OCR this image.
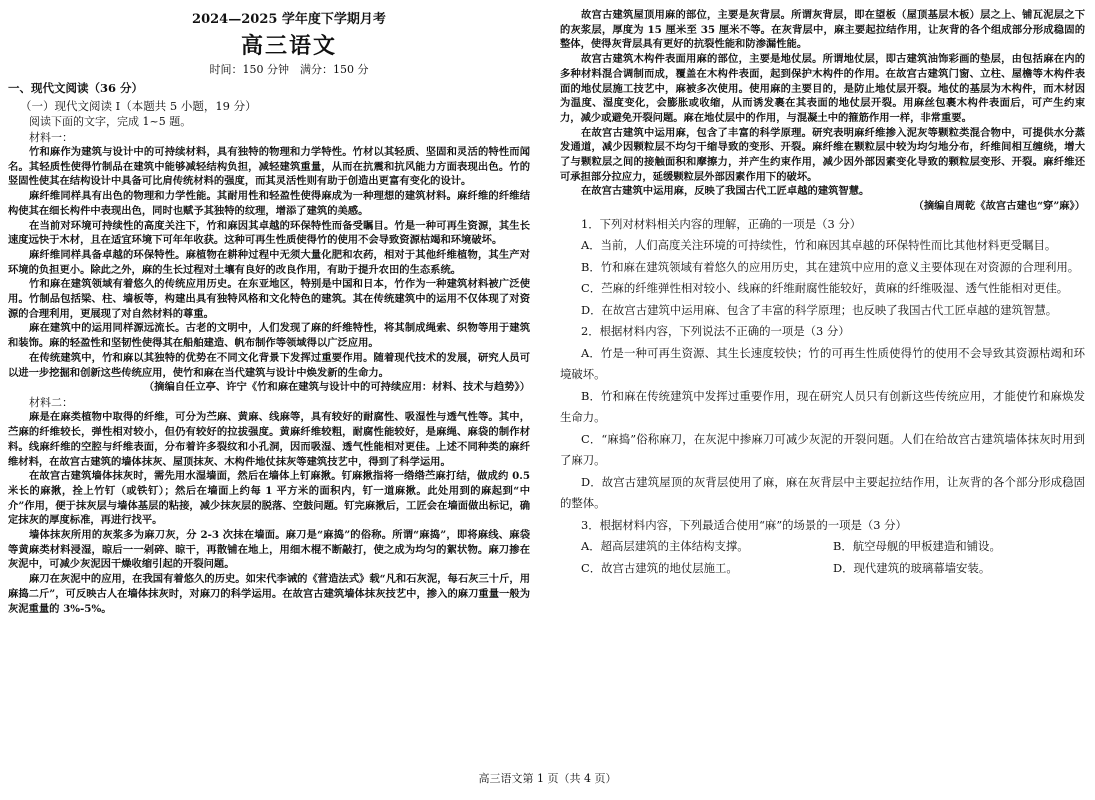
2024—2025 学年度下学期月考
高三语文
时间：150 分钟　满分：150 分
一、现代文阅读（36 分）
（一）现代文阅读 I（本题共 5 小题，19 分）

阅读下面的文字，完成 1~5 题。

材料一：

竹和麻作为建筑与设计中的可持续材料，具有独特的物理和力学特性。竹材以其轻质、坚固和灵活的特性而闻名。其轻质性使得竹制品在建筑中能够减轻结构负担，减轻建筑重量，从而在抗震和抗风能力方面表现出色。竹的竖固性使其在结构设计中具备可比肩传统材料的强度，而其灵活性则有助于创造出更富有变化的设计。

麻纤维同样具有出色的物理和力学性能。其耐用性和轻盈性使得麻成为一种理想的建筑材料。麻纤维的纤维结构使其在细长构件中表现出色，同时也赋予其独特的纹理，增添了建筑的美感。

在当前对环境可持续性的高度关注下，竹和麻因其卓越的环保特性而备受瞩目。竹是一种可再生资源，其生长速度远快于木材，且在适宜环境下可年年收获。这种可再生性质使得竹的使用不会导致资源枯竭和环境破坏。

麻纤维同样具备卓越的环保特性。麻植物在耕种过程中无须大量化肥和农药，相对于其他纤维植物，其生产对环境的负担更小。除此之外，麻的生长过程对土壤有良好的改良作用，有助于提升农田的生态系统。

竹和麻在建筑领域有着悠久的传统应用历史。在东亚地区，特别是中国和日本，竹作为一种建筑材料被广泛使用。竹制品包括梁、柱、墙板等，构建出具有独特风格和文化特色的建筑。其在传统建筑中的运用不仅体现了对资源的合理利用，更展现了对自然材料的尊重。

麻在建筑中的运用同样源远流长。古老的文明中，人们发现了麻的纤维特性，将其制成绳索、织物等用于建筑和装饰。麻的轻盈性和坚韧性使得其在船舶建造、帆布制作等领域得以广泛应用。

在传统建筑中，竹和麻以其独特的优势在不同文化背景下发挥过重要作用。随着现代技术的发展，研究人员可以进一步挖掘和创新这些传统应用，使竹和麻在当代建筑与设计中焕发新的生命力。

（摘编自任立亭、许宁《竹和麻在建筑与设计中的可持续应用：材料、技术与趋势》）

材料二：

麻是在麻类植物中取得的纤维，可分为苎麻、黄麻、线麻等，具有较好的耐腐性、吸湿性与透气性等。其中，苎麻的纤维较长，弹性相对较小，但仍有较好的拉拔强度。黄麻纤维较粗，耐腐性能较好，是麻绳、麻袋的制作材料。线麻纤维的空腔与纤维表面，分布着许多裂纹和小孔洞，因而吸湿、透气性能相对更佳。上述不同种类的麻纤维材料，在故宫古建筑的墙体抹灰、屋顶抹灰、木构件地仗抹灰等建筑技艺中，得到了科学运用。

在故宫古建筑墙体抹灰时，需先用水湿墙面，然后在墙体上钉麻揪。钉麻揪指将一绺绺苎麻打结，做成约 0.5 米长的麻揪，拴上竹钉（或铁钉）；然后在墙面上约每 1 平方米的面积内，钉一道麻揪。此处用到的麻起到“中介”作用，便于抹灰层与墙体基层的粘接，减少抹灰层的脱落、空鼓问题。钉完麻揪后，工匠会在墙面做出标记，确定抹灰的厚度标准，再进行找平。

墙体抹灰所用的灰浆多为麻刀灰，分 2-3 次抹在墙面。麻刀是“麻捣”的俗称。所谓“麻捣”，即将麻线、麻袋等黄麻类材料浸湿，晾后一一剁碎、晾干，再散铺在地上，用细木棍不断敲打，使之成为均匀的絮状物。麻刀掺在灰泥中，可减少灰泥因干燥收缩引起的开裂问题。

麻刀在灰泥中的应用，在我国有着悠久的历史。如宋代李诫的《营造法式》载“凡和石灰泥，每石灰三十斤，用麻捣二斤”，可反映古人在墙体抹灰时，对麻刀的科学运用。在故宫古建筑墙体抹灰技艺中，掺入的麻刀重量一般为灰泥重量的 3%-5%。

故宫古建筑屋顶用麻的部位，主要是灰背层。所谓灰背层，即在望板（屋顶基层木板）层之上、铺瓦泥层之下的灰浆层，厚度为 15 厘米至 35 厘米不等。在灰背层中，麻主要起拉结作用，让灰背的各个组成部分形成稳固的整体，使得灰背层具有更好的抗裂性能和防渗漏性能。

故宫古建筑木构件表面用麻的部位，主要是地仗层。所谓地仗层，即古建筑油饰彩画的垫层，由包括麻在内的多种材料混合调制而成，覆盖在木构件表面，起到保护木构件的作用。在故宫古建筑门窗、立柱、屋檐等木构件表面的地仗层施工技艺中，麻被多次使用。使用麻的主要目的，是防止地仗层开裂。地仗的基层为木构件，而木材因为温度、湿度变化，会膨胀或收缩，从而诱发裹在其表面的地仗层开裂。用麻丝包裹木构件表面后，可产生约束力，减少或避免开裂问题。麻在地仗层中的作用，与混凝土中的箍筋作用一样，非常重要。

在故宫古建筑中运用麻，包含了丰富的科学原理。研究表明麻纤维掺入泥灰等颗粒类混合物中，可提供水分蒸发通道，减少因颗粒层不均匀干缩导致的变形、开裂。麻纤维在颗粒层中较为均匀地分布，纤维间相互缠绕，增大了与颗粒层之间的接触面积和摩擦力，并产生约束作用，减少因外部因素变化导致的颗粒层变形、开裂。麻纤维还可承担部分拉应力，延缓颗粒层外部因素作用下的破坏。

在故宫古建筑中运用麻，反映了我国古代工匠卓越的建筑智慧。

（摘编自周乾《故宫古建也“穿”麻》）

1．下列对材料相关内容的理解，正确的一项是（3 分）

A．当前，人们高度关注环境的可持续性，竹和麻因其卓越的环保特性而比其他材料更受瞩目。

B．竹和麻在建筑领域有着悠久的应用历史，其在建筑中应用的意义主要体现在对资源的合理利用。

C．苎麻的纤维弹性相对较小、线麻的纤维耐腐性能较好，黄麻的纤维吸湿、透气性能相对更佳。

D．在故宫古建筑中运用麻、包含了丰富的科学原理；也反映了我国古代工匠卓越的建筑智慧。

2．根据材料内容，下列说法不正确的一项是（3 分）

A．竹是一种可再生资源、其生长速度较快；竹的可再生性质使得竹的使用不会导致其资源枯竭和环境破坏。

B．竹和麻在传统建筑中发挥过重要作用，现在研究人员只有创新这些传统应用，才能使竹和麻焕发生命力。

C．“麻捣”俗称麻刀，在灰泥中掺麻刀可减少灰泥的开裂问题。人们在给故宫古建筑墙体抹灰时用到了麻刀。

D．故宫古建筑屋顶的灰背层使用了麻，麻在灰背层中主要起拉结作用，让灰背的各个部分形成稳固的整体。

3．根据材料内容，下列最适合使用“麻”的场景的一项是（3 分）

A．超高层建筑的主体结构支撑。	B．航空母舰的甲板建造和铺设。
C．故宫古建筑的地仗层施工。	D．现代建筑的玻璃幕墙安装。
高三语文第 1 页（共 4 页）
